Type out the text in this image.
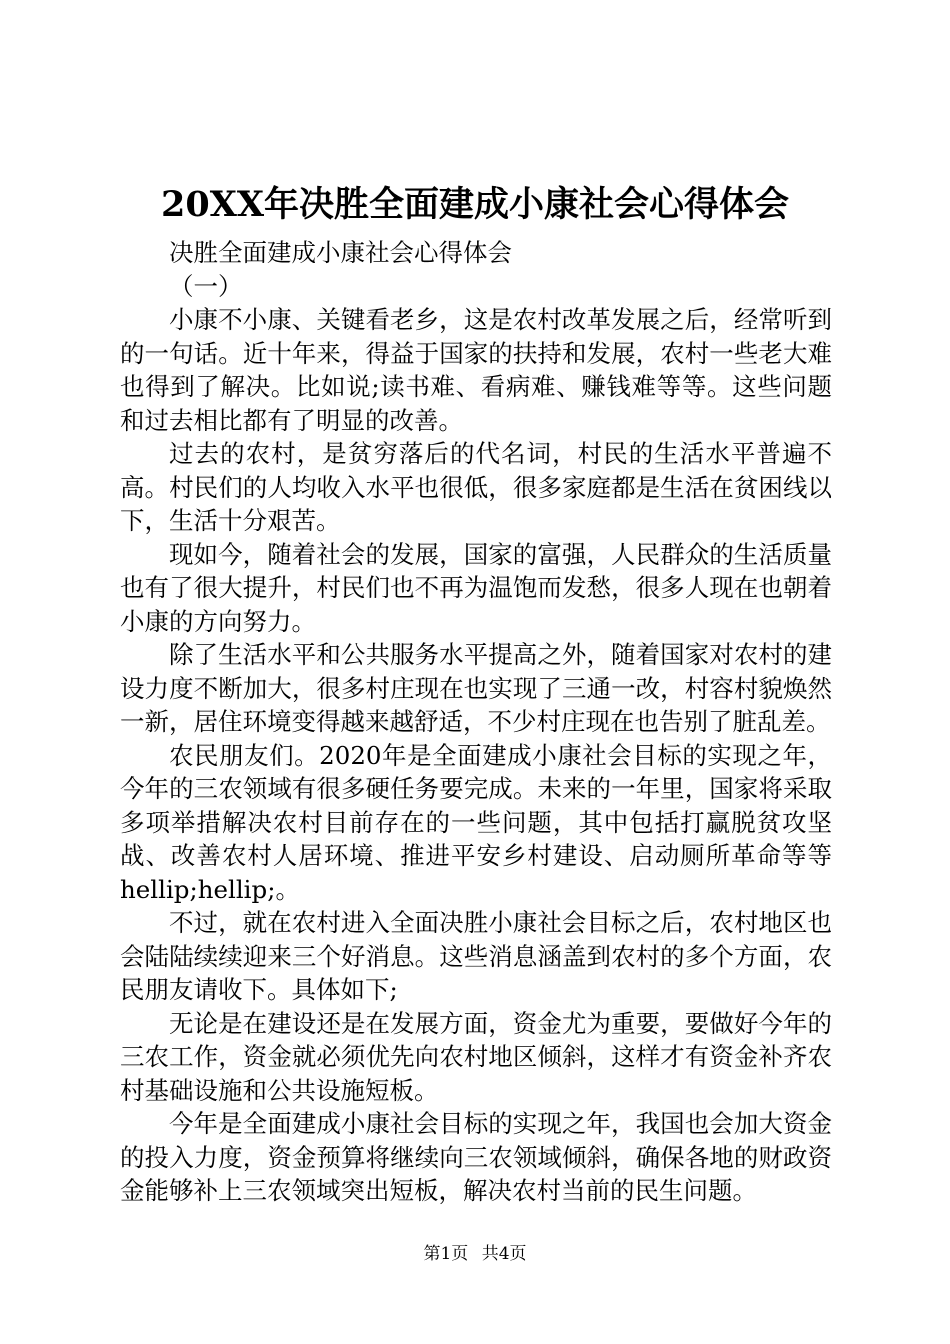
20XX年决胜全面建成小康社会心得体会

决胜全面建成小康社会心得体会

（一）

小康不小康、关键看老乡，这是农村改革发展之后，经常听到的一句话。近十年来，得益于国家的扶持和发展，农村一些老大难也得到了解决。比如说;读书难、看病难、赚钱难等等。这些问题和过去相比都有了明显的改善。

过去的农村，是贫穷落后的代名词，村民的生活水平普遍不高。村民们的人均收入水平也很低，很多家庭都是生活在贫困线以下，生活十分艰苦。

现如今，随着社会的发展，国家的富强，人民群众的生活质量也有了很大提升，村民们也不再为温饱而发愁，很多人现在也朝着小康的方向努力。

除了生活水平和公共服务水平提高之外，随着国家对农村的建设力度不断加大，很多村庄现在也实现了三通一改，村容村貌焕然一新，居住环境变得越来越舒适，不少村庄现在也告别了脏乱差。

农民朋友们。2020年是全面建成小康社会目标的实现之年，今年的三农领域有很多硬任务要完成。未来的一年里，国家将采取多项举措解决农村目前存在的一些问题，其中包括打赢脱贫攻坚战、改善农村人居环境、推进平安乡村建设、启动厕所革命等等hellip;hellip;。

不过，就在农村进入全面决胜小康社会目标之后，农村地区也会陆陆续续迎来三个好消息。这些消息涵盖到农村的多个方面，农民朋友请收下。具体如下;

无论是在建设还是在发展方面，资金尤为重要，要做好今年的三农工作，资金就必须优先向农村地区倾斜，这样才有资金补齐农村基础设施和公共设施短板。

今年是全面建成小康社会目标的实现之年，我国也会加大资金的投入力度，资金预算将继续向三农领域倾斜，确保各地的财政资金能够补上三农领域突出短板，解决农村当前的民生问题。

第1页 共4页
